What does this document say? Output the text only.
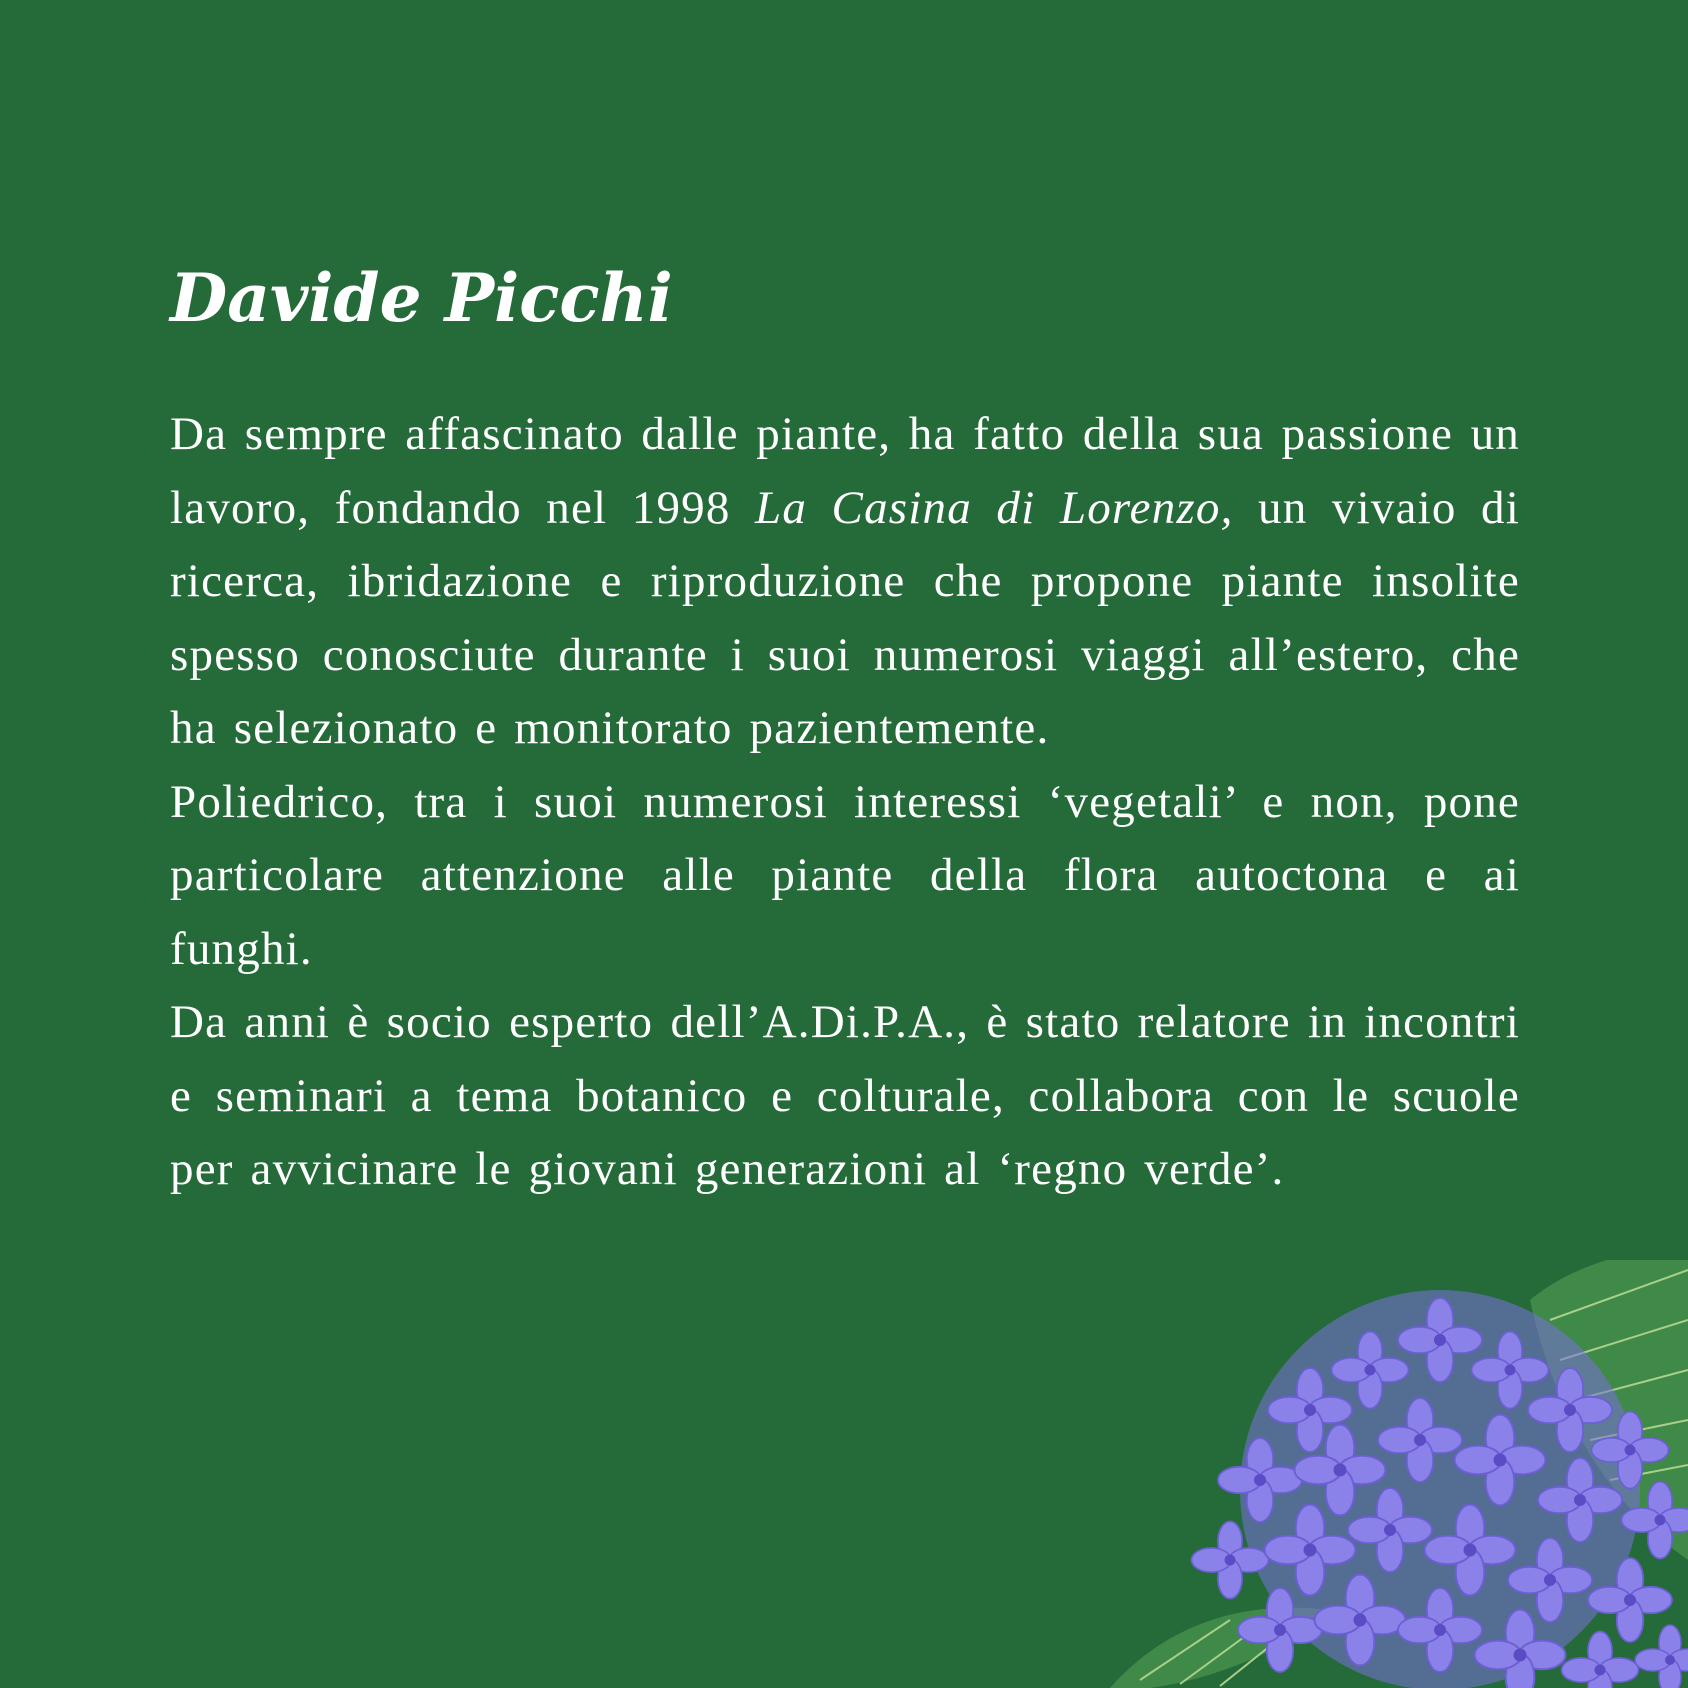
Davide Picchi

Da sempre affascinato dalle piante, ha fatto della sua passione un lavoro, fondando nel 1998 La Casina di Lorenzo, un vivaio di ricerca, ibridazione e riproduzione che propone piante insolite spesso conosciute durante i suoi numerosi viaggi all’estero, che ha selezionato e monitorato pazientemente.

Poliedrico, tra i suoi numerosi interessi ‘vegetali’ e non, pone particolare attenzione alle piante della flora autoctona e ai funghi.

Da anni è socio esperto dell’A.Di.P.A., è stato relatore in incontri e seminari a tema botanico e colturale, collabora con le scuole per avvicinare le giovani generazioni al ‘regno verde’.
